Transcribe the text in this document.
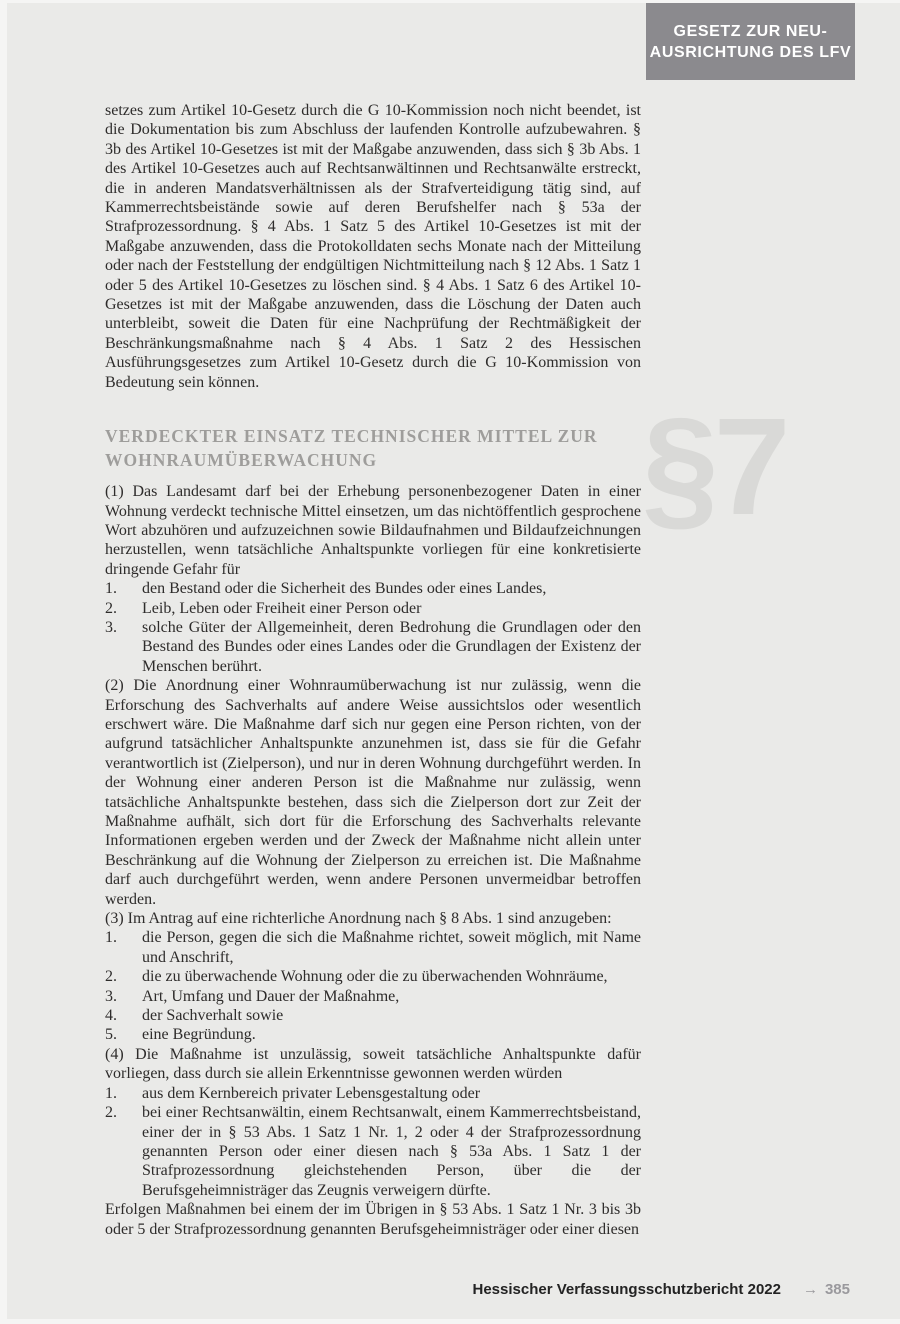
GESETZ ZUR NEU-
AUSRICHTUNG DES LFV
§7

setzes zum Artikel 10-Gesetz durch die G 10-Kommission noch nicht beendet, ist die Dokumentation bis zum Abschluss der laufenden Kontrolle aufzubewahren. § 3b des Artikel 10-Gesetzes ist mit der Maßgabe anzuwenden, dass sich § 3b Abs. 1 des Artikel 10-Gesetzes auch auf Rechtsanwältinnen und Rechtsanwälte erstreckt, die in anderen Mandatsverhältnissen als der Strafverteidigung tätig sind, auf Kammerrechtsbeistände sowie auf deren Berufshelfer nach § 53a der Strafprozessordnung. § 4 Abs. 1 Satz 5 des Artikel 10-Gesetzes ist mit der Maßgabe anzuwenden, dass die Protokolldaten sechs Monate nach der Mitteilung oder nach der Feststellung der endgültigen Nichtmitteilung nach § 12 Abs. 1 Satz 1 oder 5 des Artikel 10-Gesetzes zu löschen sind. § 4 Abs. 1 Satz 6 des Artikel 10-Gesetzes ist mit der Maßgabe anzuwenden, dass die Löschung der Daten auch unterbleibt, soweit die Daten für eine Nachprüfung der Rechtmäßigkeit der Beschränkungsmaßnahme nach § 4 Abs. 1 Satz 2 des Hessischen Ausführungsgesetzes zum Artikel 10-Gesetz durch die G 10-Kommission von Bedeutung sein können.

VERDECKTER EINSATZ TECHNISCHER MITTEL ZUR WOHNRAUMÜBERWACHUNG

(1) Das Landesamt darf bei der Erhebung personenbezogener Daten in einer Wohnung verdeckt technische Mittel einsetzen, um das nichtöffentlich gesprochene Wort abzuhören und aufzuzeichnen sowie Bildaufnahmen und Bildaufzeichnungen herzustellen, wenn tatsächliche Anhaltspunkte vorliegen für eine konkretisierte dringende Gefahr für

1. den Bestand oder die Sicherheit des Bundes oder eines Landes,
2. Leib, Leben oder Freiheit einer Person oder
3. solche Güter der Allgemeinheit, deren Bedrohung die Grundlagen oder den Bestand des Bundes oder eines Landes oder die Grundlagen der Existenz der Menschen berührt.

(2) Die Anordnung einer Wohnraumüberwachung ist nur zulässig, wenn die Erforschung des Sachverhalts auf andere Weise aussichtslos oder wesentlich erschwert wäre. Die Maßnahme darf sich nur gegen eine Person richten, von der aufgrund tatsächlicher Anhaltspunkte anzunehmen ist, dass sie für die Gefahr verantwortlich ist (Zielperson), und nur in deren Wohnung durchgeführt werden. In der Wohnung einer anderen Person ist die Maßnahme nur zulässig, wenn tatsächliche Anhaltspunkte bestehen, dass sich die Zielperson dort zur Zeit der Maßnahme aufhält, sich dort für die Erforschung des Sachverhalts relevante Informationen ergeben werden und der Zweck der Maßnahme nicht allein unter Beschränkung auf die Wohnung der Zielperson zu erreichen ist. Die Maßnahme darf auch durchgeführt werden, wenn andere Personen unvermeidbar betroffen werden.

(3) Im Antrag auf eine richterliche Anordnung nach § 8 Abs. 1 sind anzugeben:

1. die Person, gegen die sich die Maßnahme richtet, soweit möglich, mit Name und Anschrift,
2. die zu überwachende Wohnung oder die zu überwachenden Wohnräume,
3. Art, Umfang und Dauer der Maßnahme,
4. der Sachverhalt sowie
5. eine Begründung.

(4) Die Maßnahme ist unzulässig, soweit tatsächliche Anhaltspunkte dafür vorliegen, dass durch sie allein Erkenntnisse gewonnen werden würden

1. aus dem Kernbereich privater Lebensgestaltung oder
2. bei einer Rechtsanwältin, einem Rechtsanwalt, einem Kammerrechtsbeistand, einer der in § 53 Abs. 1 Satz 1 Nr. 1, 2 oder 4 der Strafprozessordnung genannten Person oder einer diesen nach § 53a Abs. 1 Satz 1 der Strafprozessordnung gleichstehenden Person, über die der Berufsgeheimnisträger das Zeugnis verweigern dürfte.

Erfolgen Maßnahmen bei einem der im Übrigen in § 53 Abs. 1 Satz 1 Nr. 3 bis 3b oder 5 der Strafprozessordnung genannten Berufsgeheimnisträger oder einer diesen

Hessischer Verfassungsschutzbericht 2022 → 385
